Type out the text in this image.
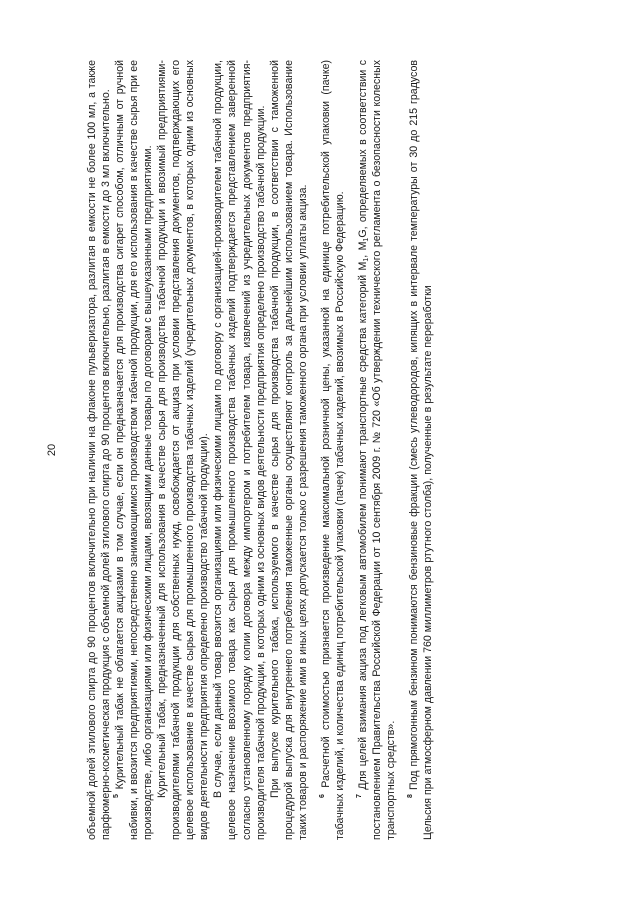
20	объемной долей этилового спирта до 90 процентов включительно при наличии на флаконе пульверизатора, разлитая в емкости не более 100 мл, а также парфюмерно-косметическая продукция с объемной долей этилового спирта до 90 процентов включительно, разлитая в емкости до 3 мл включительно. $^5$ Курительный табак не облагается акцизами в том случае, если он предназначается для производства сигарет способом, отличным от ручной набивки, и ввозится предприятиями, непосредственно занимающимися производством табачной продукции, для его использования в качестве сырья при ее производстве, либо организациями или физическими лицами, ввозящими данные товары по договорам с вышеуказанными предприятиями. Курительный табак, предназначенный для использования в качестве сырья для производства табачной продукции и ввозимый предприятиями-производителями табачной продукции для собственных нужд, освобождается от акциза при условии представления документов, подтверждающих его целевое использование в качестве сырья для промышленного производства табачных изделий (учредительных документов, в которых одним из основных видов деятельности предприятия определено производство табачной продукции). В случае, если данный товар ввозится организациями или физическими лицами по договору с организацией-производителем табачной продукции, целевое назначение ввозимого товара как сырья для промышленного производства табачных изделий подтверждается представлением заверенной согласно установленному порядку копии договора между импортером и потребителем товара, извлечений из учредительных документов предприятия-производителя табачной продукции, в которых одним из основных видов деятельности предприятия определено производство табачной продукции. При выпуске курительного табака, используемого в качестве сырья для производства табачной продукции, в соответствии с таможенной процедурой выпуска для внутреннего потребления таможенные органы осуществляют контроль за дальнейшим использованием товара. Использование таких товаров и распоряжение ими в иных целях допускается только с разрешения таможенного органа при условии уплаты акциза. $^6$ Расчетной стоимостью признается произведение максимальной розничной цены, указанной на единице потребительской упаковки (пачке) табачных изделий, и количества единиц потребительской упаковки (пачек) табачных изделий, ввозимых в Российскую Федерацию. $^7$ Для целей взимания акциза под легковым автомобилем понимают транспортные средства категорий $M_1$, $M_1G$, определяемых в соответствии с постановлением Правительства Российской Федерации от 10 сентября 2009 г. № 720 «Об утверждении технического регламента о безопасности колесных транспортных средств». $^8$ Под прямогонным бензином понимаются бензиновые фракции (смесь углеводородов, кипящих в интервале температуры от 30 до 215 градусов Цельсия при атмосферном давлении 760 миллиметров ртутного столба), полученные в результате переработки
